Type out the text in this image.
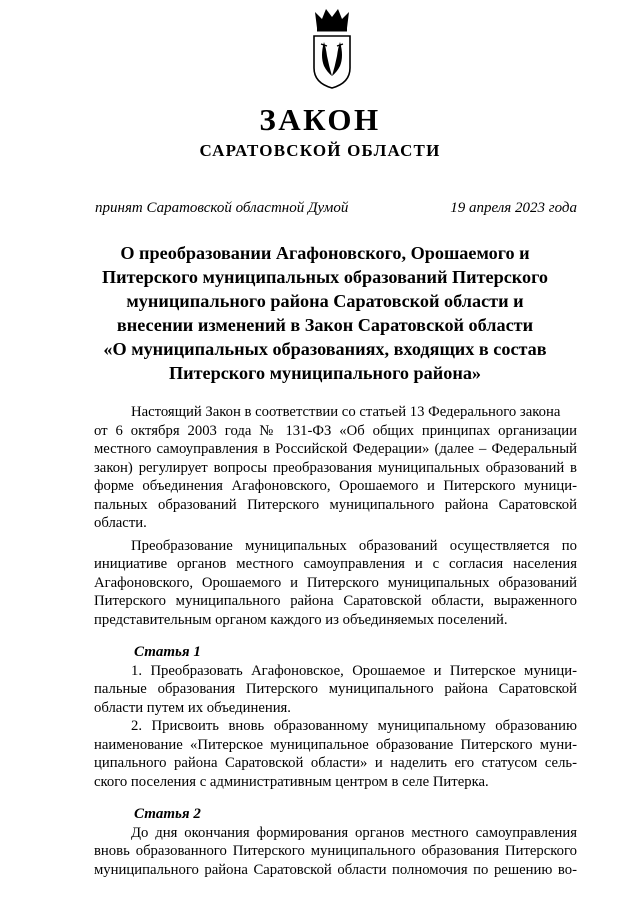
ЗАКОН
САРАТОВСКОЙ ОБЛАСТИ
принят Саратовской областной Думой	19 апреля 2023 года
О преобразовании Агафоновского, Орошаемого и
Питерского муниципальных образований Питерского
муниципального района Саратовской области и
внесении изменений в Закон Саратовской области
«О муниципальных образованиях, входящих в состав
Питерского муниципального района»
Настоящий Закон в соответствии со статьей 13 Федерального закона
от 6 октября 2003 года № 131-ФЗ «Об общих принципах организации
местного самоуправления в Российской Федерации» (далее – Федеральный
закон) регулирует вопросы преобразования муниципальных образований в
форме объединения Агафоновского, Орошаемого и Питерского муници-
пальных образований Питерского муниципального района Саратовской
области.
Преобразование муниципальных образований осуществляется по
инициативе органов местного самоуправления и с согласия населения
Агафоновского, Орошаемого и Питерского муниципальных образований
Питерского муниципального района Саратовской области, выраженного
представительным органом каждого из объединяемых поселений.

Статья 1

1. Преобразовать Агафоновское, Орошаемое и Питерское муници-
пальные образования Питерского муниципального района Саратовской
области путем их объединения.
2. Присвоить вновь образованному муниципальному образованию
наименование «Питерское муниципальное образование Питерского муни-
ципального района Саратовской области» и наделить его статусом сель-
ского поселения с административным центром в селе Питерка.

Статья 2

До дня окончания формирования органов местного самоуправления
вновь образованного Питерского муниципального образования Питерского
муниципального района Саратовской области полномочия по решению во-
